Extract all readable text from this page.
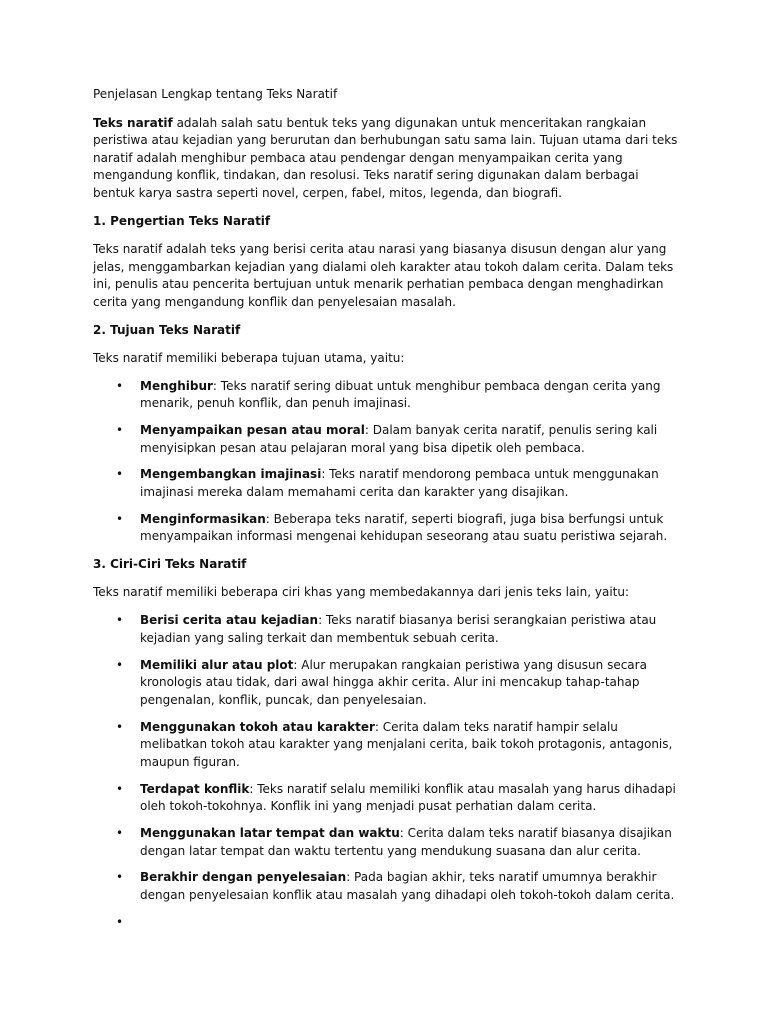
Penjelasan Lengkap tentang Teks Naratif

Teks naratif adalah salah satu bentuk teks yang digunakan untuk menceritakan rangkaian peristiwa atau kejadian yang berurutan dan berhubungan satu sama lain. Tujuan utama dari teks naratif adalah menghibur pembaca atau pendengar dengan menyampaikan cerita yang mengandung konflik, tindakan, dan resolusi. Teks naratif sering digunakan dalam berbagai bentuk karya sastra seperti novel, cerpen, fabel, mitos, legenda, dan biografi.

1. Pengertian Teks Naratif

Teks naratif adalah teks yang berisi cerita atau narasi yang biasanya disusun dengan alur yang jelas, menggambarkan kejadian yang dialami oleh karakter atau tokoh dalam cerita. Dalam teks ini, penulis atau pencerita bertujuan untuk menarik perhatian pembaca dengan menghadirkan cerita yang mengandung konflik dan penyelesaian masalah.

2. Tujuan Teks Naratif

Teks naratif memiliki beberapa tujuan utama, yaitu:

• Menghibur: Teks naratif sering dibuat untuk menghibur pembaca dengan cerita yang menarik, penuh konflik, dan penuh imajinasi.
• Menyampaikan pesan atau moral: Dalam banyak cerita naratif, penulis sering kali menyisipkan pesan atau pelajaran moral yang bisa dipetik oleh pembaca.
• Mengembangkan imajinasi: Teks naratif mendorong pembaca untuk menggunakan imajinasi mereka dalam memahami cerita dan karakter yang disajikan.
• Menginformasikan: Beberapa teks naratif, seperti biografi, juga bisa berfungsi untuk menyampaikan informasi mengenai kehidupan seseorang atau suatu peristiwa sejarah.
3. Ciri-Ciri Teks Naratif

Teks naratif memiliki beberapa ciri khas yang membedakannya dari jenis teks lain, yaitu:

• Berisi cerita atau kejadian: Teks naratif biasanya berisi serangkaian peristiwa atau kejadian yang saling terkait dan membentuk sebuah cerita.
• Memiliki alur atau plot: Alur merupakan rangkaian peristiwa yang disusun secara kronologis atau tidak, dari awal hingga akhir cerita. Alur ini mencakup tahap-tahap pengenalan, konflik, puncak, dan penyelesaian.
• Menggunakan tokoh atau karakter: Cerita dalam teks naratif hampir selalu melibatkan tokoh atau karakter yang menjalani cerita, baik tokoh protagonis, antagonis, maupun figuran.
• Terdapat konflik: Teks naratif selalu memiliki konflik atau masalah yang harus dihadapi oleh tokoh-tokohnya. Konflik ini yang menjadi pusat perhatian dalam cerita.
• Menggunakan latar tempat dan waktu: Cerita dalam teks naratif biasanya disajikan dengan latar tempat dan waktu tertentu yang mendukung suasana dan alur cerita.
• Berakhir dengan penyelesaian: Pada bagian akhir, teks naratif umumnya berakhir dengan penyelesaian konflik atau masalah yang dihadapi oleh tokoh-tokoh dalam cerita.
•
